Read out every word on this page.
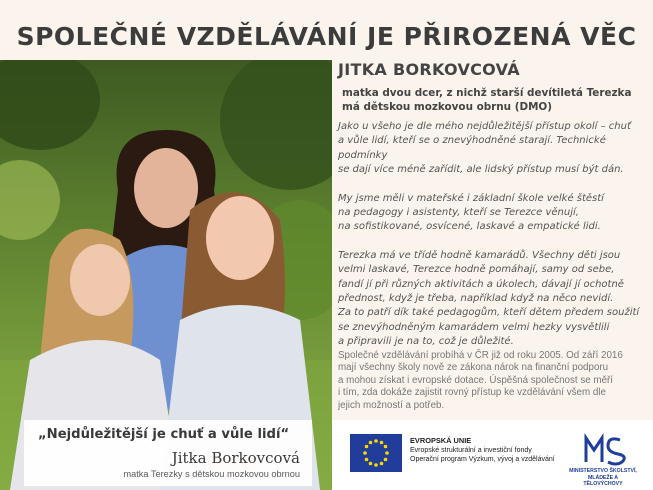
SPOLEČNÉ VZDĚLÁVÁNÍ JE PŘIROZENÁ VĚC
JITKA BORKOVCOVÁ
matka dvou dcer, z nichž starší devítiletá Terezka
má dětskou mozkovou obrnu (DMO)

Jako u všeho je dle mého nejdůležitější přístup okolí – chuť
a vůle lidí, kteří se o znevýhodněné starají. Technické podmínky
se dají více méně zařídit, ale lidský přístup musí být dán.

My jsme měli v mateřské i základní škole velké štěstí
na pedagogy i asistenty, kteří se Terezce věnují,
na sofistikované, osvícené, laskavé a empatické lidi.

Terezka má ve třídě hodně kamarádů. Všechny děti jsou
velmi laskavé, Terezce hodně pomáhají, samy od sebe,
fandí jí při různých aktivitách a úkolech, dávají jí ochotně
přednost, když je třeba, například když na něco nevidí.
Za to patří dík také pedagogům, kteří dětem předem soužití
se znevýhodněným kamarádem velmi hezky vysvětlili
a připravili je na to, což je důležité.

Společné vzdělávání probíhá v ČR již od roku 2005. Od září 2016
mají všechny školy nově ze zákona nárok na finanční podporu
a mohou získat i evropské dotace. Úspěšná společnost se měří
i tím, zda dokáže zajistit rovný přístup ke vzdělávání všem dle
jejich možností a potřeb.
„Nejdůležitější je chuť a vůle lidí“
Jitka Borkovcová
matka Terezky s dětskou mozkovou obrnou
EVROPSKÁ UNIE
Evropské strukturální a investiční fondy
Operační program Výzkum, vývoj a vzdělávání
MINISTERSTVO ŠKOLSTVÍ,
MLÁDEŽE A TĚLOVÝCHOVY
